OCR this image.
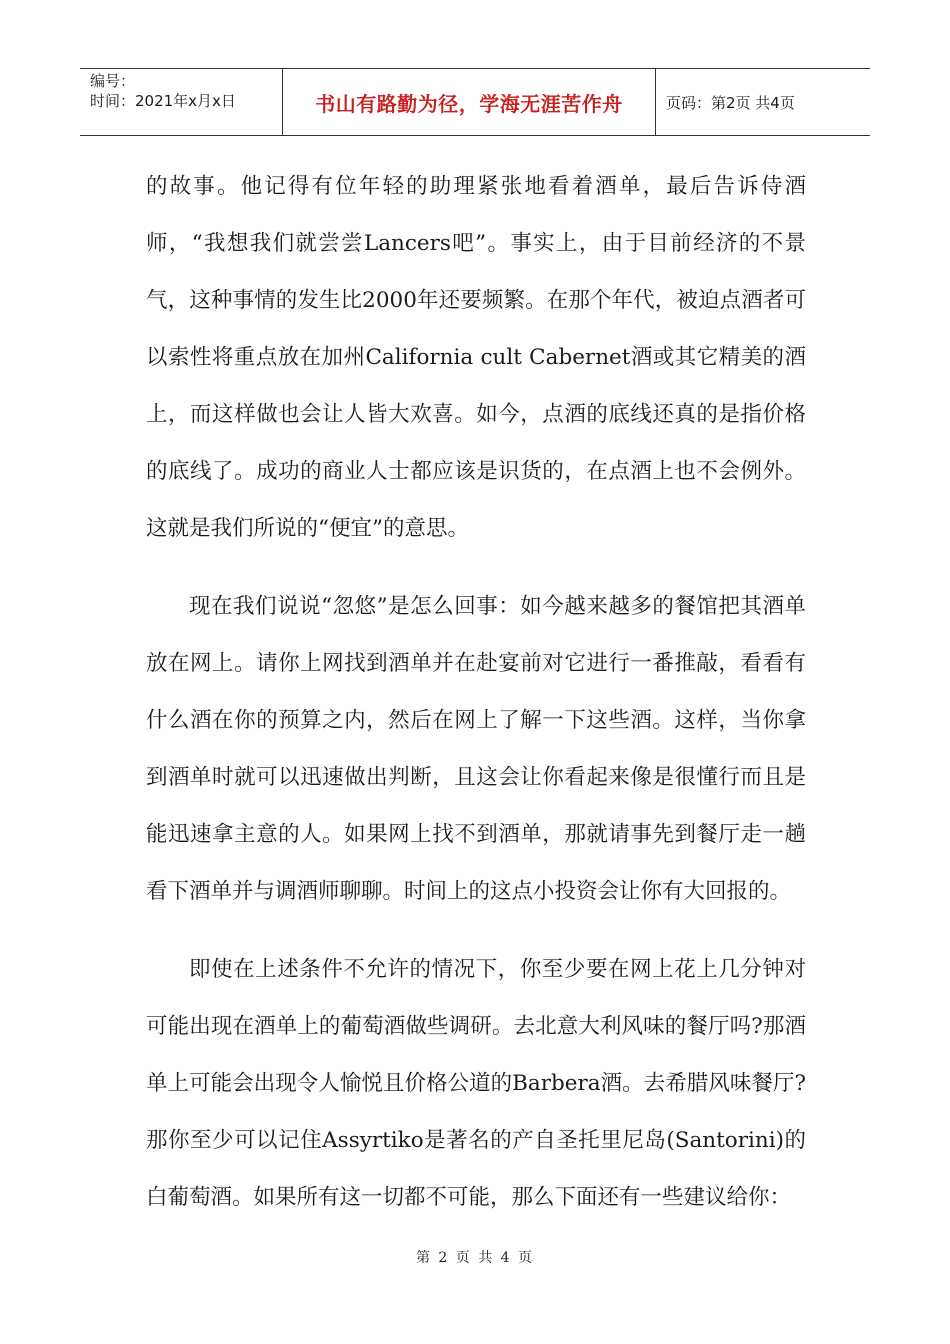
编号：
时间：2021年x月x日	书山有路勤为径，学海无涯苦作舟	页码：第2页 共4页

的故事。他记得有位年轻的助理紧张地看着酒单，最后告诉侍酒师，“我想我们就尝尝Lancers吧”。事实上，由于目前经济的不景气，这种事情的发生比2000年还要频繁。在那个年代，被迫点酒者可以索性将重点放在加州California cult Cabernet酒或其它精美的酒上，而这样做也会让人皆大欢喜。如今，点酒的底线还真的是指价格的底线了。成功的商业人士都应该是识货的，在点酒上也不会例外。这就是我们所说的“便宜”的意思。

现在我们说说“忽悠”是怎么回事：如今越来越多的餐馆把其酒单放在网上。请你上网找到酒单并在赴宴前对它进行一番推敲，看看有什么酒在你的预算之内，然后在网上了解一下这些酒。这样，当你拿到酒单时就可以迅速做出判断，且这会让你看起来像是很懂行而且是能迅速拿主意的人。如果网上找不到酒单，那就请事先到餐厅走一趟看下酒单并与调酒师聊聊。时间上的这点小投资会让你有大回报的。

即使在上述条件不允许的情况下，你至少要在网上花上几分钟对可能出现在酒单上的葡萄酒做些调研。去北意大利风味的餐厅吗?那酒单上可能会出现令人愉悦且价格公道的Barbera酒。去希腊风味餐厅?那你至少可以记住Assyrtiko是著名的产自圣托里尼岛(Santorini)的白葡萄酒。如果所有这一切都不可能，那么下面还有一些建议给你：

第 2 页 共 4 页
